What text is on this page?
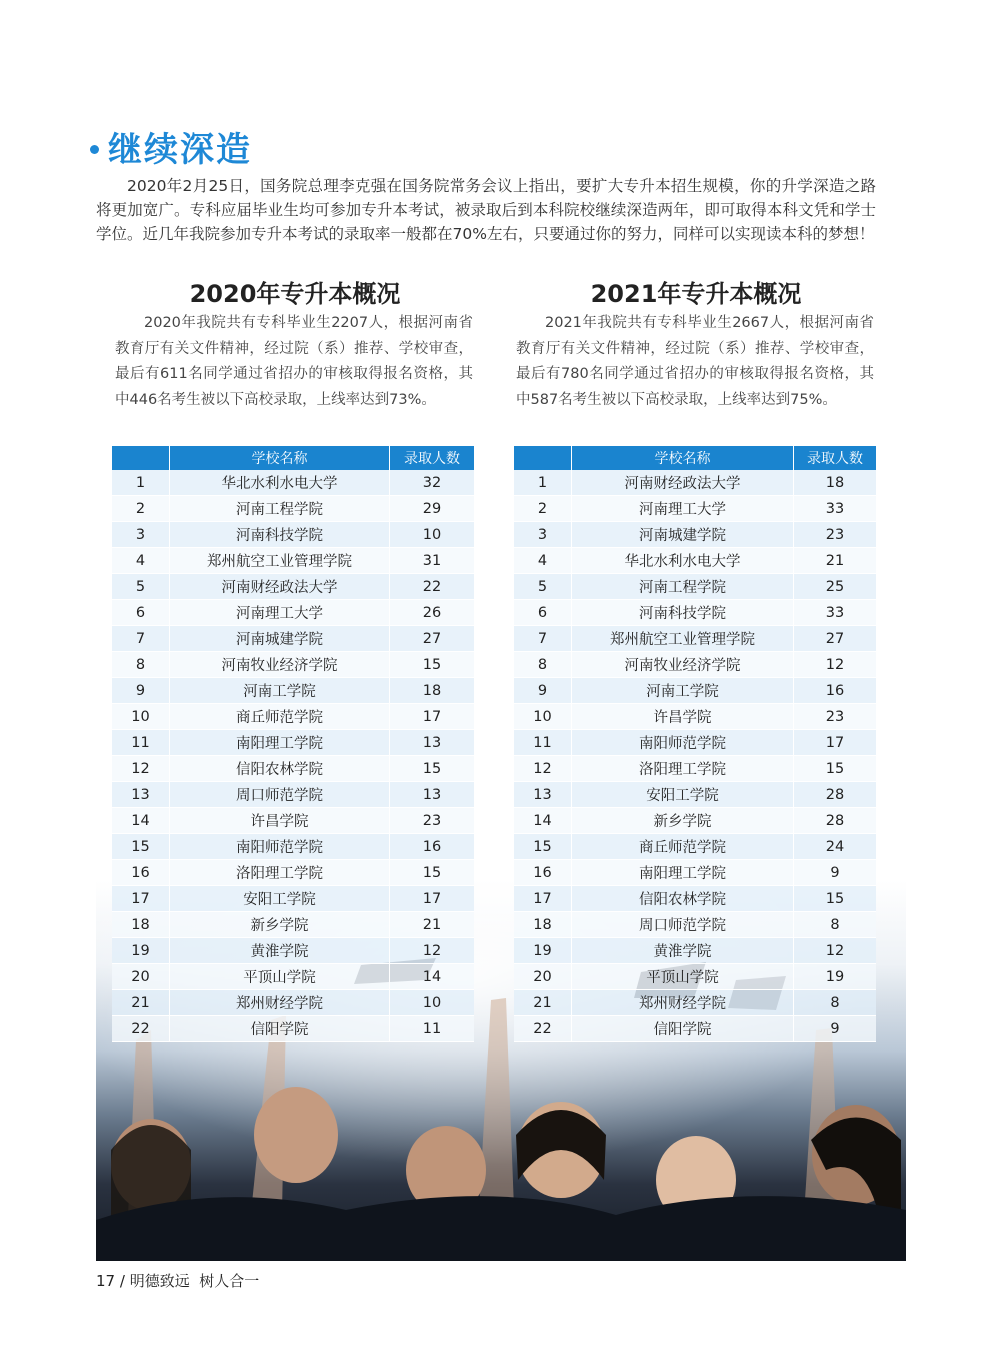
继续深造
2020年2月25日，国务院总理李克强在国务院常务会议上指出，要扩大专升本招生规模，你的升学深造之路将更加宽广。专科应届毕业生均可参加专升本考试，被录取后到本科院校继续深造两年，即可取得本科文凭和学士学位。近几年我院参加专升本考试的录取率一般都在70%左右，只要通过你的努力，同样可以实现读本科的梦想！
2020年专升本概况
2020年我院共有专科毕业生2207人，根据河南省教育厅有关文件精神，经过院（系）推荐、学校审查，最后有611名同学通过省招办的审核取得报名资格，其中446名考生被以下高校录取，上线率达到73%。
	学校名称	录取人数
1	华北水利水电大学	32
2	河南工程学院	29
3	河南科技学院	10
4	郑州航空工业管理学院	31
5	河南财经政法大学	22
6	河南理工大学	26
7	河南城建学院	27
8	河南牧业经济学院	15
9	河南工学院	18
10	商丘师范学院	17
11	南阳理工学院	13
12	信阳农林学院	15
13	周口师范学院	13
14	许昌学院	23
15	南阳师范学院	16
16	洛阳理工学院	15
17	安阳工学院	17
18	新乡学院	21
19	黄淮学院	12
20	平顶山学院	14
21	郑州财经学院	10
22	信阳学院	11
2021年专升本概况
2021年我院共有专科毕业生2667人，根据河南省教育厅有关文件精神，经过院（系）推荐、学校审查，最后有780名同学通过省招办的审核取得报名资格，其中587名考生被以下高校录取，上线率达到75%。
	学校名称	录取人数
1	河南财经政法大学	18
2	河南理工大学	33
3	河南城建学院	23
4	华北水利水电大学	21
5	河南工程学院	25
6	河南科技学院	33
7	郑州航空工业管理学院	27
8	河南牧业经济学院	12
9	河南工学院	16
10	许昌学院	23
11	南阳师范学院	17
12	洛阳理工学院	15
13	安阳工学院	28
14	新乡学院	28
15	商丘师范学院	24
16	南阳理工学院	9
17	信阳农林学院	15
18	周口师范学院	8
19	黄淮学院	12
20	平顶山学院	19
21	郑州财经学院	8
22	信阳学院	9
17 / 明德致远  树人合一
